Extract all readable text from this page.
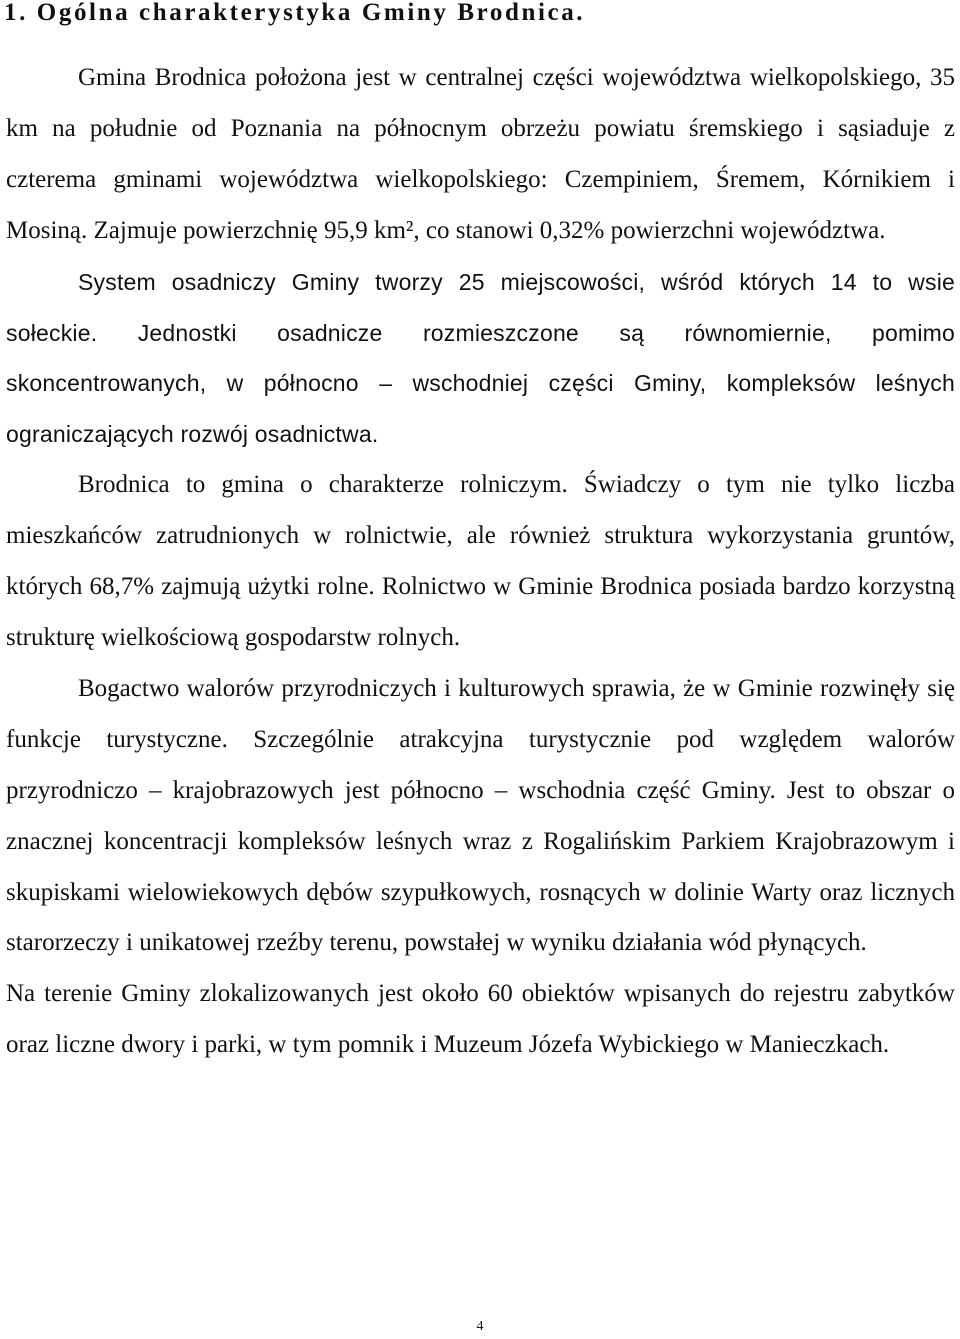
1. Ogólna charakterystyka Gminy Brodnica.

Gmina Brodnica położona jest w centralnej części województwa wielkopolskiego, 35 km na południe od Poznania na północnym obrzeżu powiatu śremskiego i sąsiaduje z czterema gminami województwa wielkopolskiego: Czempiniem, Śremem, Kórnikiem i Mosiną. Zajmuje powierzchnię 95,9 km², co stanowi 0,32% powierzchni województwa.

System osadniczy Gminy tworzy 25 miejscowości, wśród których 14 to wsie sołeckie. Jednostki osadnicze rozmieszczone są równomiernie, pomimo skoncentrowanych, w północno – wschodniej części Gminy, kompleksów leśnych ograniczających rozwój osadnictwa.

Brodnica to gmina o charakterze rolniczym. Świadczy o tym nie tylko liczba mieszkańców zatrudnionych w rolnictwie, ale również struktura wykorzystania gruntów, których 68,7% zajmują użytki rolne. Rolnictwo w Gminie Brodnica posiada bardzo korzystną strukturę wielkościową gospodarstw rolnych.

Bogactwo walorów przyrodniczych i kulturowych sprawia, że w Gminie rozwinęły się funkcje turystyczne. Szczególnie atrakcyjna turystycznie pod względem walorów przyrodniczo – krajobrazowych jest północno – wschodnia część Gminy. Jest to obszar o znacznej koncentracji kompleksów leśnych wraz z Rogalińskim Parkiem Krajobrazowym i skupiskami wielowiekowych dębów szypułkowych, rosnących w dolinie Warty oraz licznych starorzeczy i unikatowej rzeźby terenu, powstałej w wyniku działania wód płynących.

Na terenie Gminy zlokalizowanych jest około 60 obiektów wpisanych do rejestru zabytków oraz liczne dwory i parki, w tym pomnik i Muzeum Józefa Wybickiego w Manieczkach.

4
